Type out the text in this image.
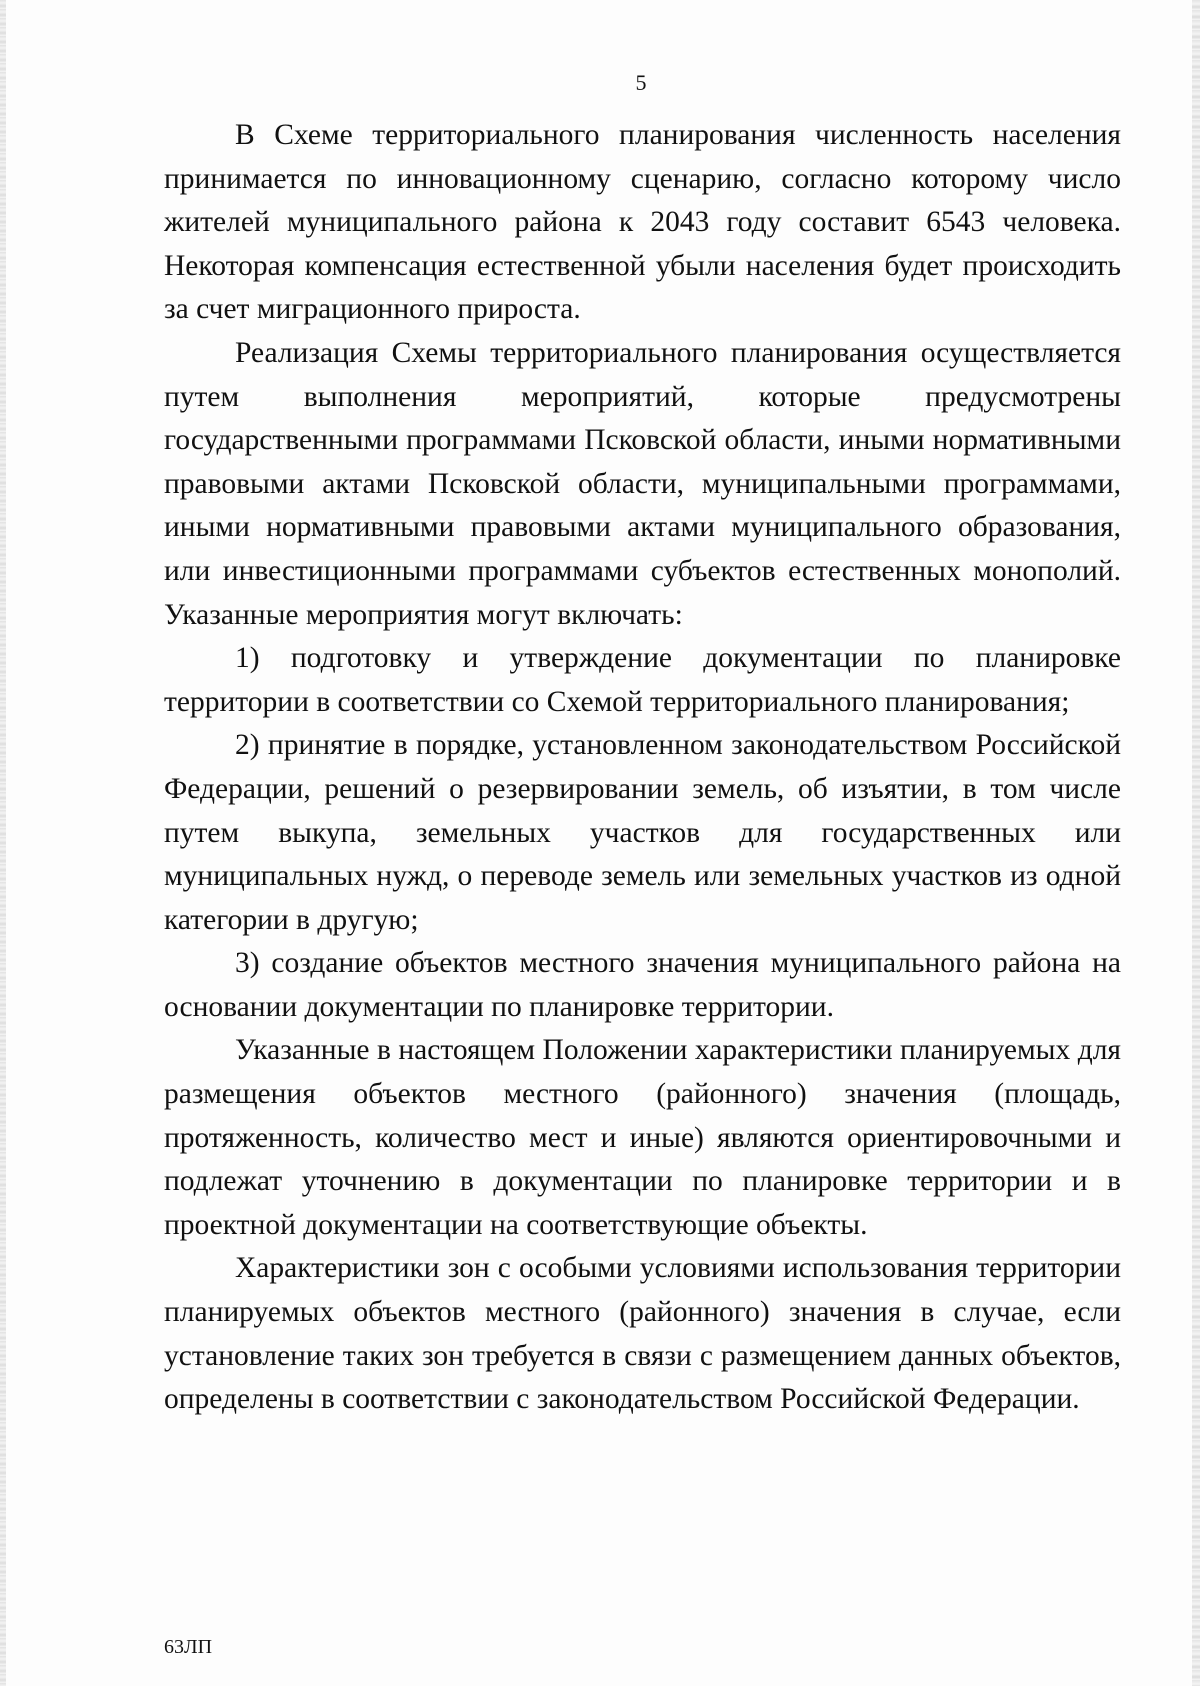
5

В Схеме территориального планирования численность населения принимается по инновационному сценарию, согласно которому число жителей муниципального района к 2043 году составит 6543 человека. Некоторая компенсация естественной убыли населения будет происходить за счет миграционного прироста.

Реализация Схемы территориального планирования осуществляется путем выполнения мероприятий, которые предусмотрены государственными программами Псковской области, иными нормативными правовыми актами Псковской области, муниципальными программами, иными нормативными правовыми актами муниципального образования, или инвестиционными программами субъектов естественных монополий. Указанные мероприятия могут включать:

1) подготовку и утверждение документации по планировке территории в соответствии со Схемой территориального планирования;

2) принятие в порядке, установленном законодательством Российской Федерации, решений о резервировании земель, об изъятии, в том числе путем выкупа, земельных участков для государственных или муниципальных нужд, о переводе земель или земельных участков из одной категории в другую;

3) создание объектов местного значения муниципального района на основании документации по планировке территории.

Указанные в настоящем Положении характеристики планируемых для размещения объектов местного (районного) значения (площадь, протяженность, количество мест и иные) являются ориентировочными и подлежат уточнению в документации по планировке территории и в проектной документации на соответствующие объекты.

Характеристики зон с особыми условиями использования территории планируемых объектов местного (районного) значения в случае, если установление таких зон требуется в связи с размещением данных объектов, определены в соответствии с законодательством Российской Федерации.

63ЛП
